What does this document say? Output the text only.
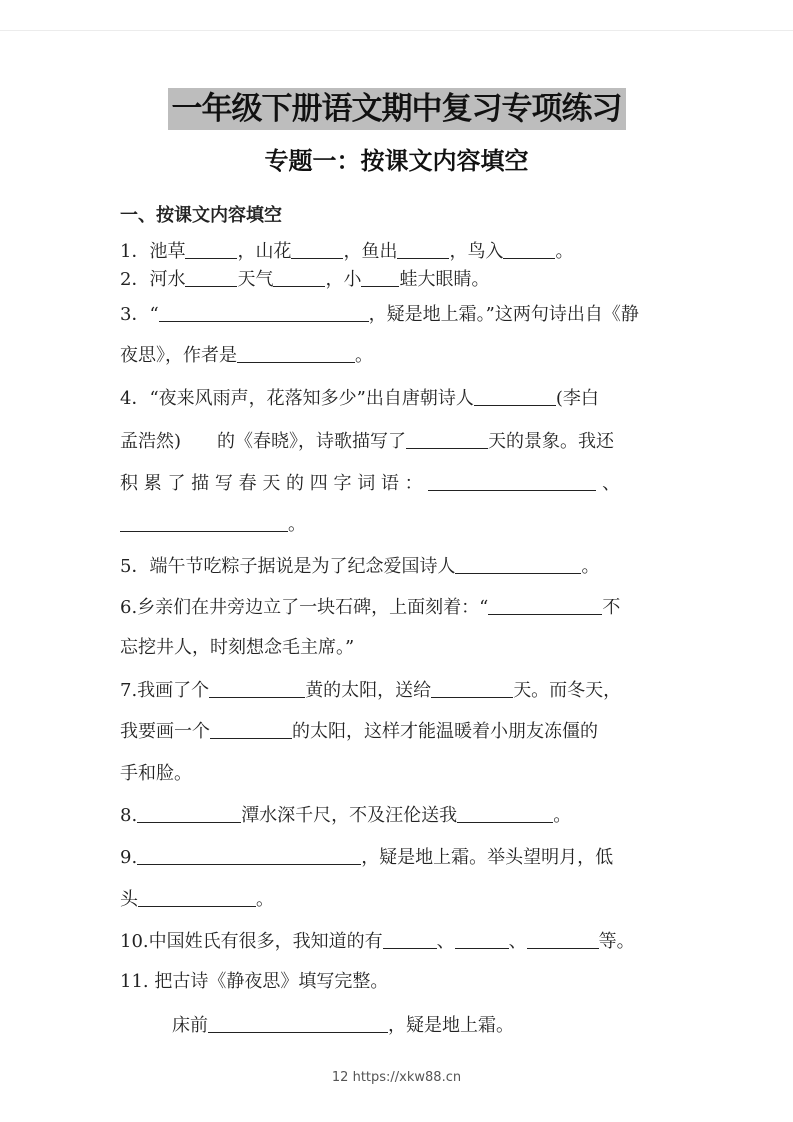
一年级下册语文期中复习专项练习
专题一：按课文内容填空
一、按课文内容填空
1．池草	，山花	，鱼出	，鸟入	。
2．河水	天气	，小 蛙大眼睛。
3．“	，疑是地上霜。”这两句诗出自《静
夜思》，作者是	。
4．“夜来风雨声，花落知多少”出自唐朝诗人	(李白
孟浩然)　　的《春晓》，诗歌描写了	天的景象。我还
积 累 了 描 写 春 天 的 四 字 词 语 ：	、
。
5．端午节吃粽子据说是为了纪念爱国诗人	。
6.乡亲们在井旁边立了一块石碑，上面刻着：“	不
忘挖井人，时刻想念毛主席。”
7.我画了个	黄的太阳，送给	天。而冬天，
我要画一个	的太阳，这样才能温暖着小朋友冻僵的
手和脸。
8.	潭水深千尺，不及汪伦送我	。
9.	，疑是地上霜。举头望明月，低
头	。
10.中国姓氏有很多，我知道的有	、	、	等。
11. 把古诗《静夜思》填写完整。
床前	，疑是地上霜。
12 https://xkw88.cn
